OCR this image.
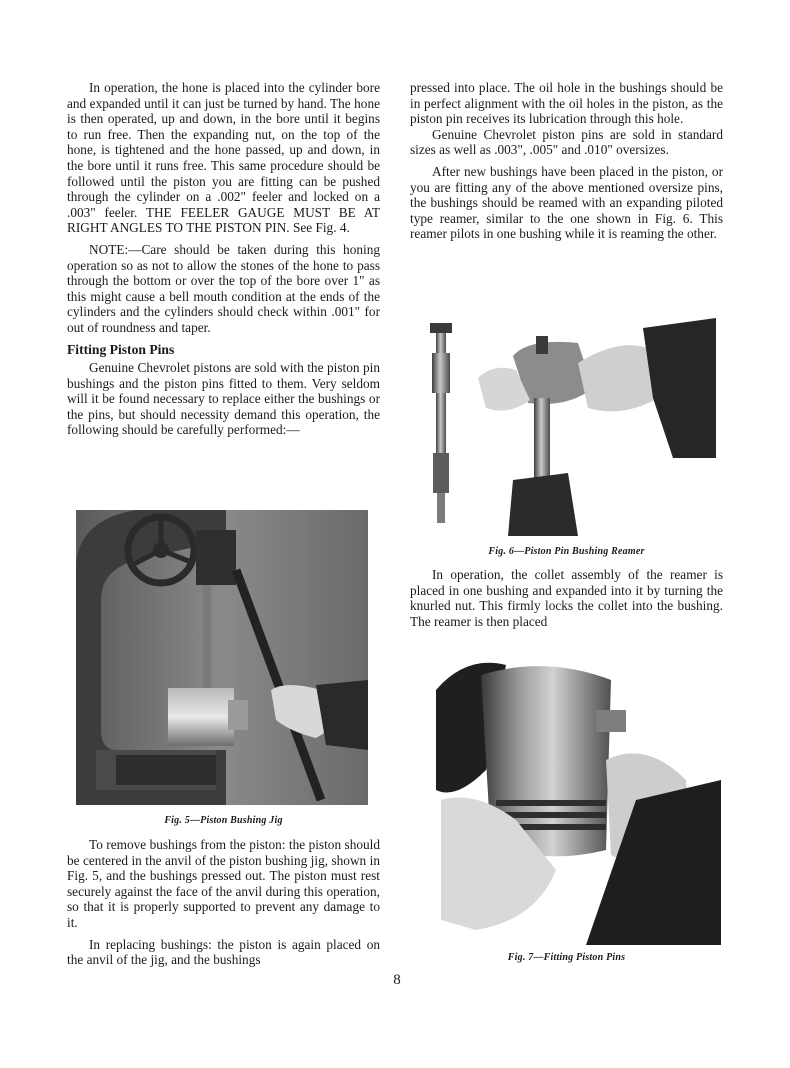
In operation, the hone is placed into the cylinder bore and expanded until it can just be turned by hand. The hone is then operated, up and down, in the bore until it begins to run free. Then the expanding nut, on the top of the hone, is tightened and the hone passed, up and down, in the bore until it runs free. This same procedure should be followed until the piston you are fitting can be pushed through the cylinder on a .002" feeler and locked on a .003" feeler. THE FEELER GAUGE MUST BE AT RIGHT ANGLES TO THE PISTON PIN. See Fig. 4.

NOTE:—Care should be taken during this honing operation so as not to allow the stones of the hone to pass through the bottom or over the top of the bore over 1" as this might cause a bell mouth condition at the ends of the cylinders and the cylinders should check within .001" for out of roundness and taper.

Fitting Piston Pins

Genuine Chevrolet pistons are sold with the piston pin bushings and the piston pins fitted to them. Very seldom will it be found necessary to replace either the bushings or the pins, but should necessity demand this operation, the following should be carefully performed:—

Fig. 5—Piston Bushing Jig

To remove bushings from the piston: the piston should be centered in the anvil of the piston bushing jig, shown in Fig. 5, and the bushings pressed out. The piston must rest securely against the face of the anvil during this operation, so that it is properly supported to prevent any damage to it.

In replacing bushings: the piston is again placed on the anvil of the jig, and the bushings

pressed into place. The oil hole in the bushings should be in perfect alignment with the oil holes in the piston, as the piston pin receives its lubrication through this hole.

Genuine Chevrolet piston pins are sold in standard sizes as well as .003", .005" and .010" oversizes.

After new bushings have been placed in the piston, or you are fitting any of the above mentioned oversize pins, the bushings should be reamed with an expanding piloted type reamer, similar to the one shown in Fig. 6. This reamer pilots in one bushing while it is reaming the other.

Fig. 6—Piston Pin Bushing Reamer

In operation, the collet assembly of the reamer is placed in one bushing and expanded into it by turning the knurled nut. This firmly locks the collet into the bushing. The reamer is then placed

Fig. 7—Fitting Piston Pins
8
